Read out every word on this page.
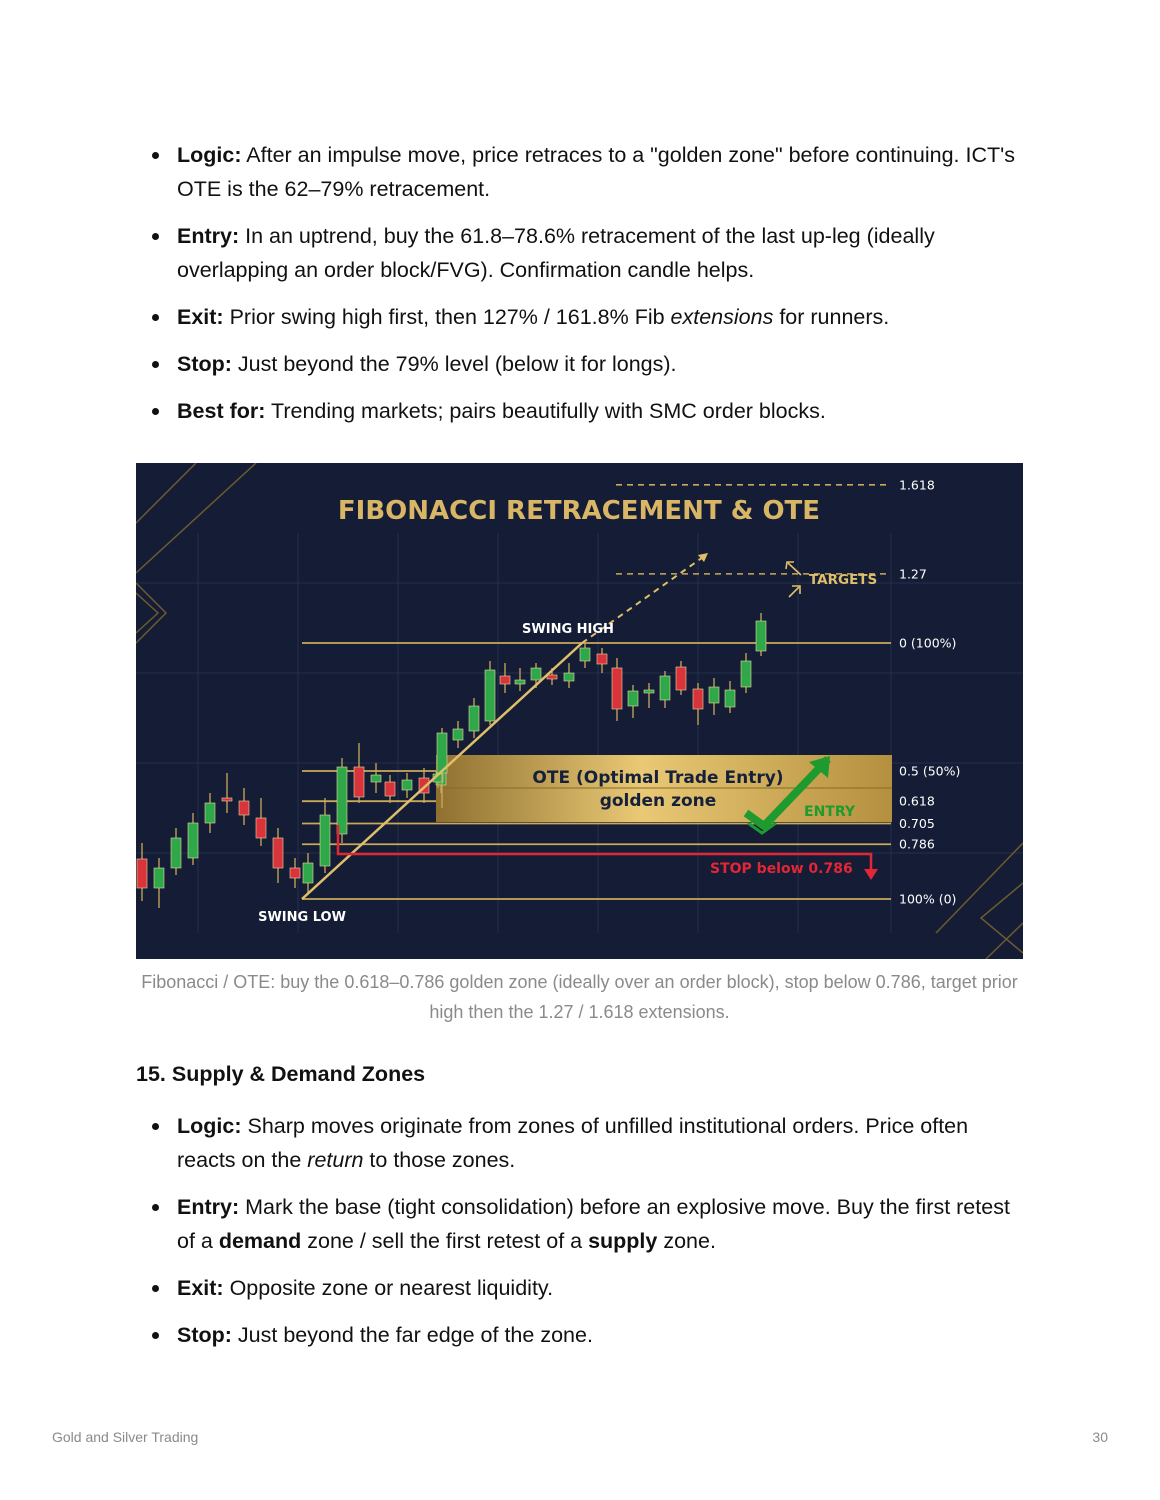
Logic: After an impulse move, price retraces to a "golden zone" before continuing. ICT's OTE is the 62–79% retracement.
Entry: In an uptrend, buy the 61.8–78.6% retracement of the last up-leg (ideally overlapping an order block/FVG). Confirmation candle helps.
Exit: Prior swing high first, then 127% / 161.8% Fib extensions for runners.
Stop: Just beyond the 79% level (below it for longs).
Best for: Trending markets; pairs beautifully with SMC order blocks.
FIBONACCI RETRACEMENT & OTE
1.618
1.27
0 (100%)
0.5 (50%)
0.618
0.705
0.786
100% (0)
SWING HIGH
SWING LOW
TARGETS
OTE (Optimal Trade Entry)
golden zone
ENTRY
STOP below 0.786
Fibonacci / OTE: buy the 0.618–0.786 golden zone (ideally over an order block), stop below 0.786, target prior high then the 1.27 / 1.618 extensions.
15. Supply & Demand Zones
Logic: Sharp moves originate from zones of unfilled institutional orders. Price often reacts on the return to those zones.
Entry: Mark the base (tight consolidation) before an explosive move. Buy the first retest of a demand zone / sell the first retest of a supply zone.
Exit: Opposite zone or nearest liquidity.
Stop: Just beyond the far edge of the zone.
Gold and Silver Trading	30
